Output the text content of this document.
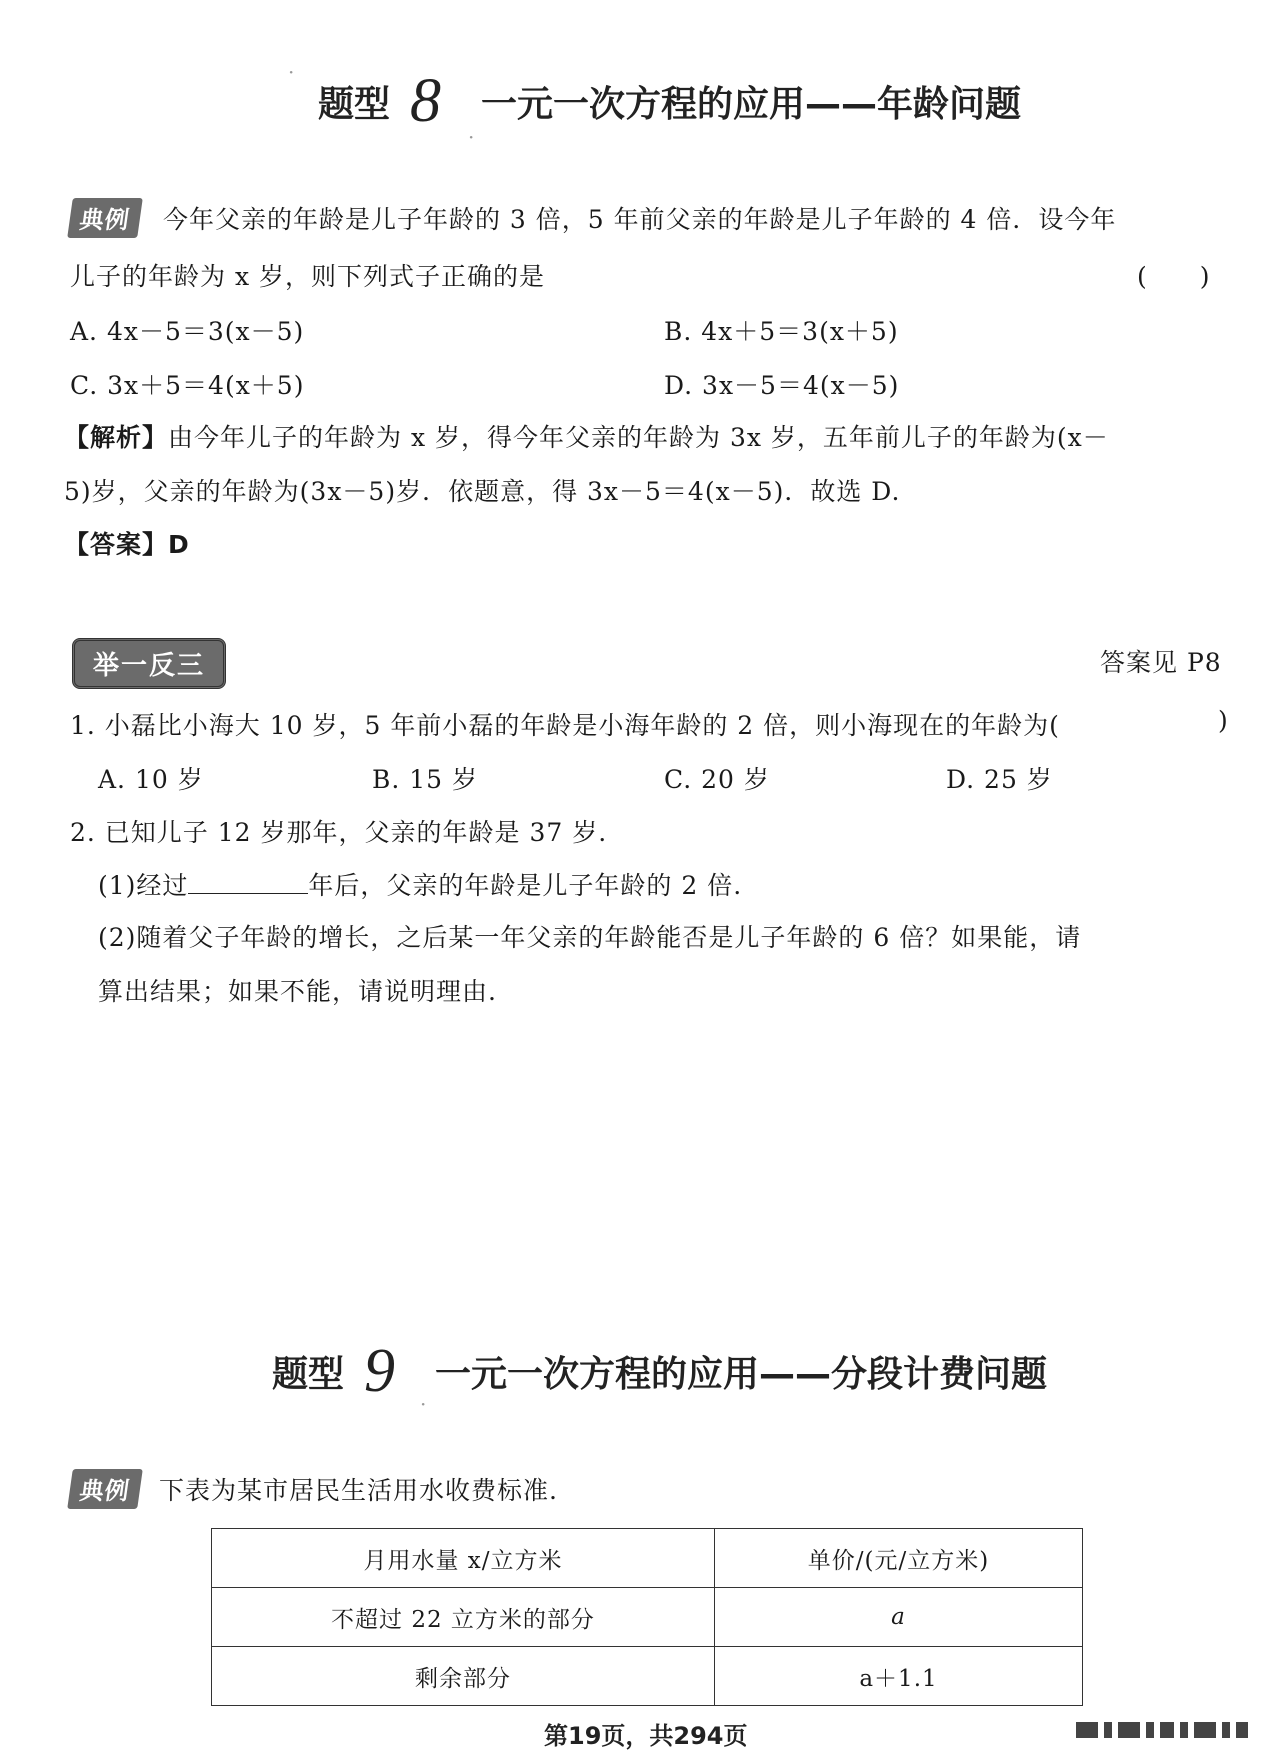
·
·
题型 8 一元一次方程的应用——年龄问题
典例 今年父亲的年龄是儿子年龄的 3 倍，5 年前父亲的年龄是儿子年龄的 4 倍．设今年
儿子的年龄为 x 岁，则下列式子正确的是	(　　)
A. 4x－5＝3(x－5)	B. 4x＋5＝3(x＋5)
C. 3x＋5＝4(x＋5)	D. 3x－5＝4(x－5)
【解析】由今年儿子的年龄为 x 岁，得今年父亲的年龄为 3x 岁，五年前儿子的年龄为(x－
5)岁，父亲的年龄为(3x－5)岁．依题意，得 3x－5＝4(x－5)．故选 D.
【答案】D
举一反三	答案见 P8
1. 小磊比小海大 10 岁，5 年前小磊的年龄是小海年龄的 2 倍，则小海现在的年龄为(	)
A. 10 岁	B. 15 岁	C. 20 岁	D. 25 岁
2. 已知儿子 12 岁那年，父亲的年龄是 37 岁.
(1)经过	年后，父亲的年龄是儿子年龄的 2 倍.
(2)随着父子年龄的增长，之后某一年父亲的年龄能否是儿子年龄的 6 倍？如果能，请
算出结果；如果不能，请说明理由.
题型 9 一元一次方程的应用——分段计费问题
·
典例 下表为某市居民生活用水收费标准.
月用水量 x/立方米	单价/(元/立方米)
不超过 22 立方米的部分	a
剩余部分	a＋1.1
第19页，共294页
